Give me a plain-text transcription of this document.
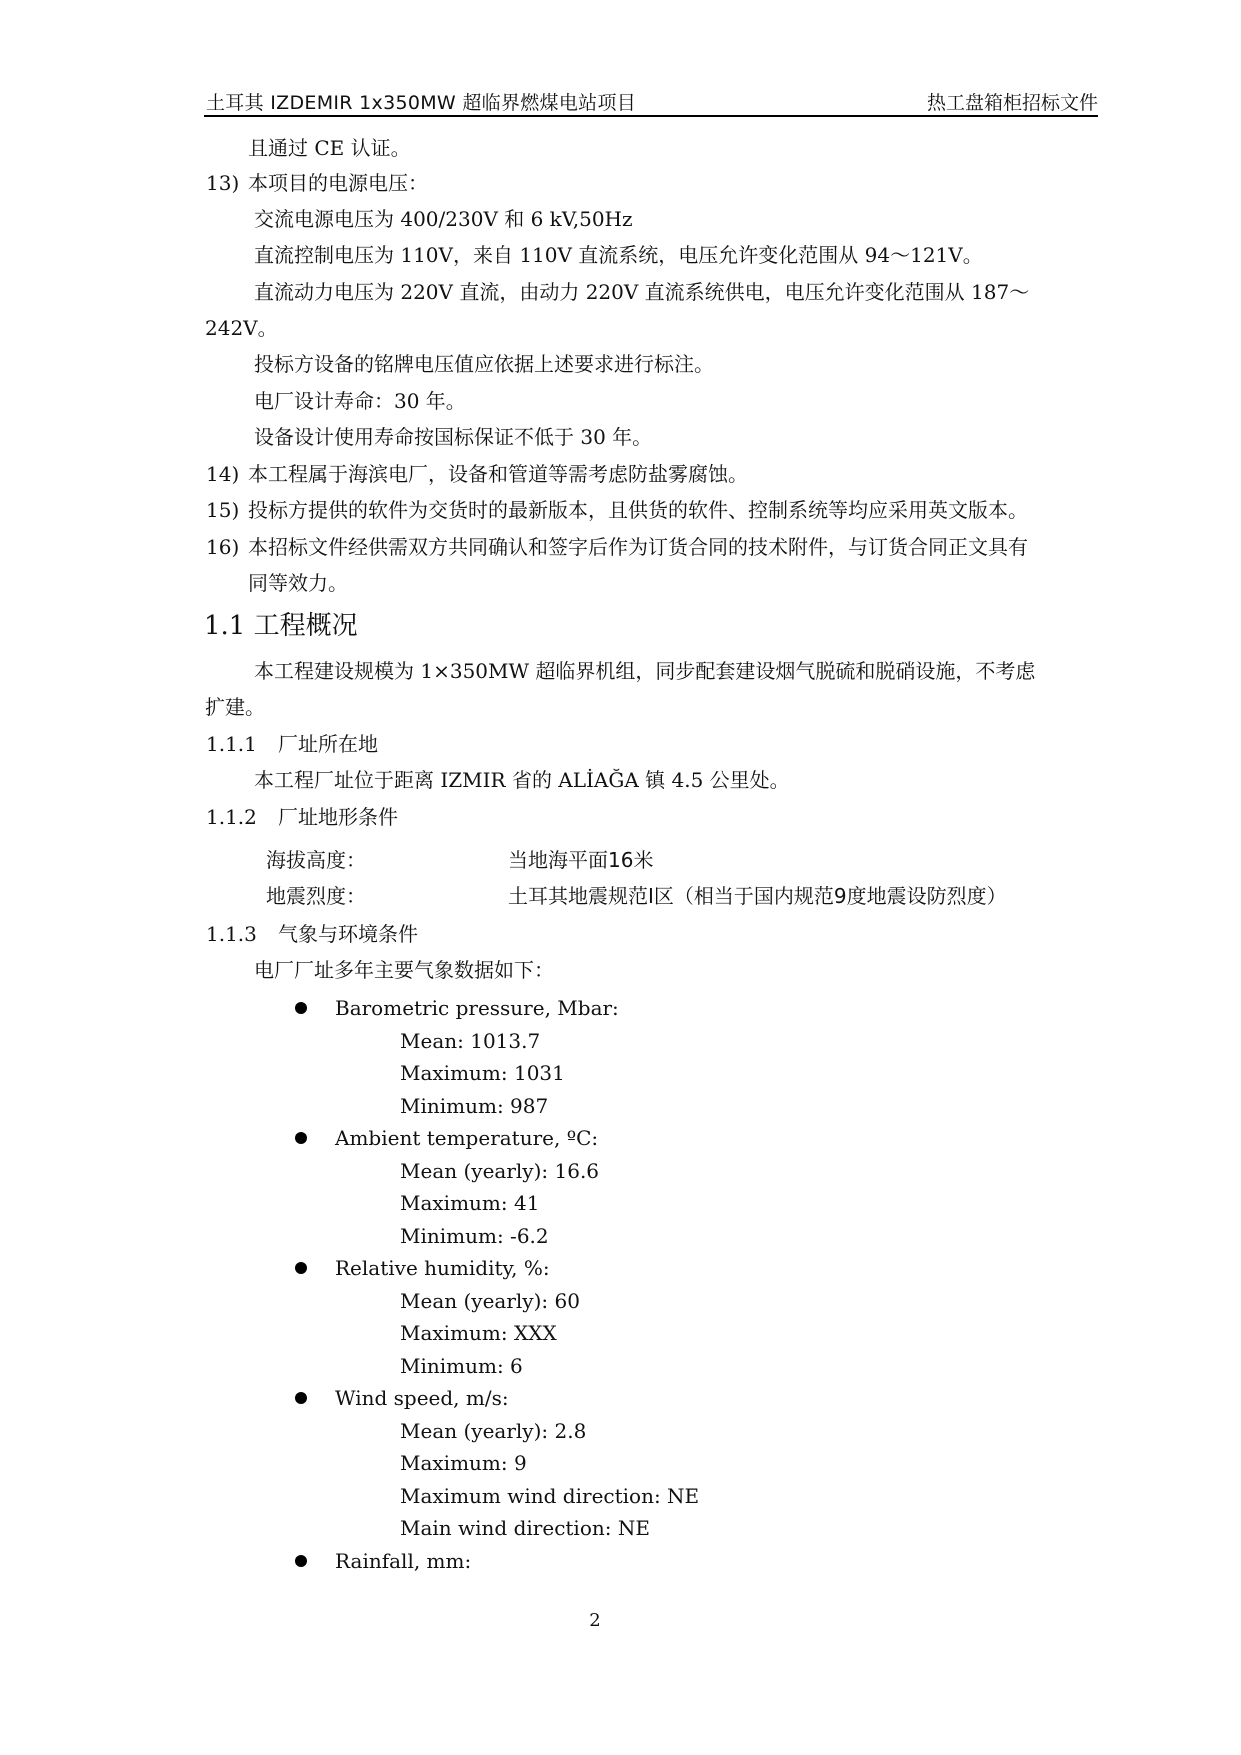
土耳其 IZDEMIR 1x350MW 超临界燃煤电站项目	热工盘箱柜招标文件
且通过 CE 认证。
13) 本项目的电源电压：
交流电源电压为 400/230V 和 6 kV,50Hz
直流控制电压为 110V，来自 110V 直流系统，电压允许变化范围从 94～121V。
直流动力电压为 220V 直流，由动力 220V 直流系统供电，电压允许变化范围从 187～
242V。
投标方设备的铭牌电压值应依据上述要求进行标注。
电厂设计寿命：30 年。
设备设计使用寿命按国标保证不低于 30 年。
14) 本工程属于海滨电厂，设备和管道等需考虑防盐雾腐蚀。
15) 投标方提供的软件为交货时的最新版本，且供货的软件、控制系统等均应采用英文版本。
16) 本招标文件经供需双方共同确认和签字后作为订货合同的技术附件，与订货合同正文具有
同等效力。
1.1 工程概况
本工程建设规模为 1×350MW 超临界机组，同步配套建设烟气脱硫和脱硝设施，不考虑
扩建。
1.1.1 厂址所在地
本工程厂址位于距离 IZMIR 省的 ALİAĞA 镇 4.5 公里处。
1.1.2 厂址地形条件
海拔高度：	当地海平面16米
地震烈度：	土耳其地震规范Ⅰ区（相当于国内规范9度地震设防烈度）
1.1.3 气象与环境条件
电厂厂址多年主要气象数据如下：
Barometric pressure, Mbar:
Mean: 1013.7
Maximum: 1031
Minimum: 987
Ambient temperature, ºC:
Mean (yearly): 16.6
Maximum: 41
Minimum: -6.2
Relative humidity, %:
Mean (yearly): 60
Maximum: XXX
Minimum: 6
Wind speed, m/s:
Mean (yearly): 2.8
Maximum: 9
Maximum wind direction: NE
Main wind direction: NE
Rainfall, mm:
2
